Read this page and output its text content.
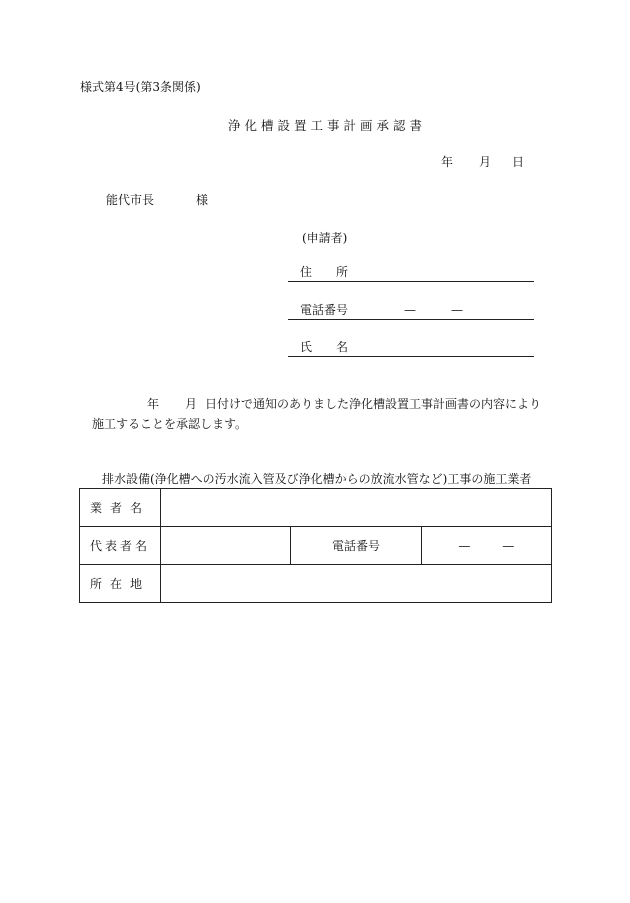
様式第4号(第3条関係)
浄化槽設置工事計画承認書
年 月 日
能代市長	様
(申請者)
住　　所
電話番号	—	—
氏　　名
年 月 日付けで通知のありました浄化槽設置工事計画書の内容により
施工することを承認します。
排水設備(浄化槽への汚水流入管及び浄化槽からの放流水管など)工事の施工業者
業者名			
代表者名		電話番号	— —
所在地			
